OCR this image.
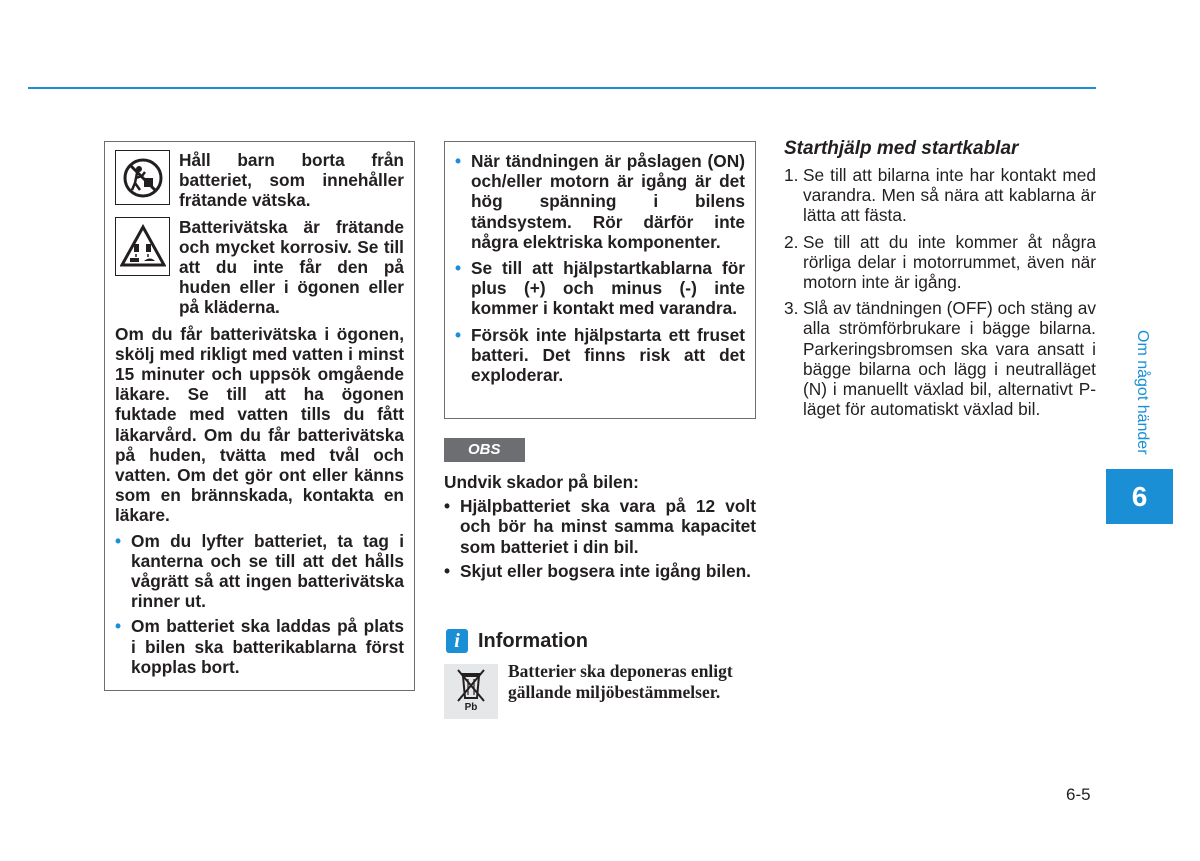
Håll barn borta från batteriet, som innehåller frätande vätska.
Batterivätska är frätande och mycket korrosiv. Se till att du inte får den på huden eller i ögonen eller på kläderna.
Om du får batterivätska i ögonen, skölj med rikligt med vatten i minst 15 minuter och uppsök omgående läkare. Se till att ha ögonen fuktade med vatten tills du fått läkarvård. Om du får batterivätska på huden, tvätta med tvål och vatten. Om det gör ont eller känns som en brännskada, kontakta en läkare.
• Om du lyfter batteriet, ta tag i kanterna och se till att det hålls vågrätt så att ingen batterivätska rinner ut.
• Om batteriet ska laddas på plats i bilen ska batterikablarna först kopplas bort.
• När tändningen är påslagen (ON) och/eller motorn är igång är det hög spänning i bilens tändsystem. Rör därför inte några elektriska komponenter.
• Se till att hjälpstartkablarna för plus (+) och minus (-) inte kommer i kontakt med varandra.
• Försök inte hjälpstarta ett fruset batteri. Det finns risk att det exploderar.
OBS
Undvik skador på bilen:
• Hjälpbatteriet ska vara på 12 volt och bör ha minst samma kapacitet som batteriet i din bil.
• Skjut eller bogsera inte igång bilen.
i Information
Pb
Batterier ska deponeras enligt gällande miljöbestämmelser.
Starthjälp med startkablar
1. Se till att bilarna inte har kontakt med varandra. Men så nära att kablarna är lätta att fästa.
2. Se till att du inte kommer åt några rörliga delar i motorrummet, även när motorn inte är igång.
3. Slå av tändningen (OFF) och stäng av alla strömförbrukare i bägge bilarna. Parkeringsbromsen ska vara ansatt i bägge bilarna och lägg i neutralläget (N) i manuellt växlad bil, alternativt P-läget för automatiskt växlad bil.	Om något händer
6
6-5
